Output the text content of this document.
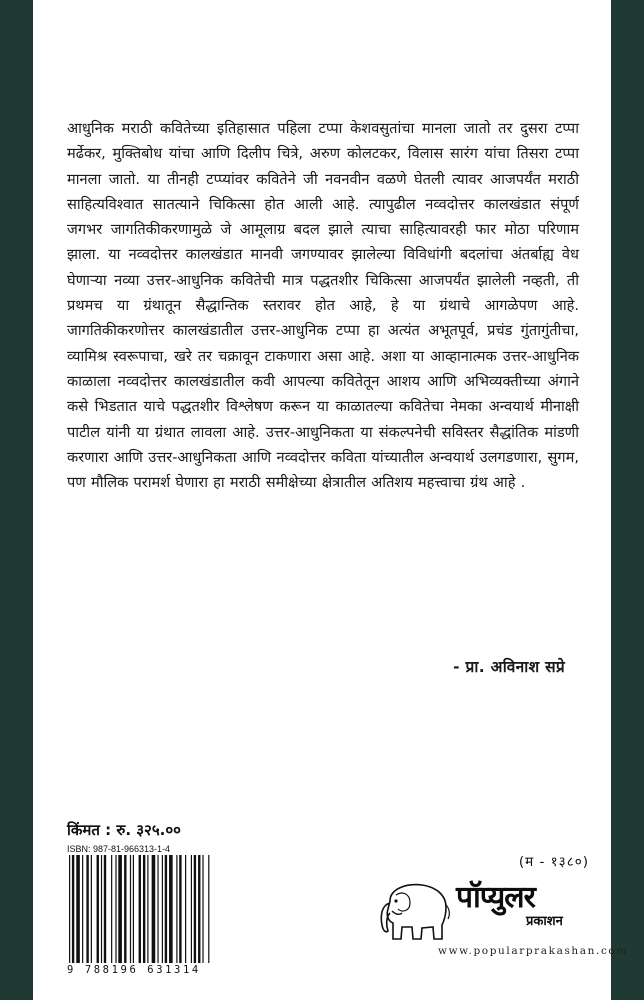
आधुनिक मराठी कवितेच्या इतिहासात पहिला टप्पा केशवसुतांचा मानला जातो तर दुसरा टप्पा मर्ढेकर, मुक्तिबोध यांचा आणि दिलीप चित्रे, अरुण कोलटकर, विलास सारंग यांचा तिसरा टप्पा मानला जातो. या तीनही टप्प्यांवर कवितेने जी नवनवीन वळणे घेतली त्यावर आजपर्यंत मराठी साहित्यविश्वात सातत्याने चिकित्सा होत आली आहे. त्यापुढील नव्वदोत्तर कालखंडात संपूर्ण जगभर जागतिकीकरणामुळे जे आमूलाग्र बदल झाले त्याचा साहित्यावरही फार मोठा परिणाम झाला. या नव्वदोत्तर कालखंडात मानवी जगण्यावर झालेल्या विविधांगी बदलांचा अंतर्बाह्य वेध घेणाऱ्या नव्या उत्तर-आधुनिक कवितेची मात्र पद्धतशीर चिकित्सा आजपर्यंत झालेली नव्हती, ती प्रथमच या ग्रंथातून सैद्धान्तिक स्तरावर होत आहे, हे या ग्रंथाचे आगळेपण आहे. जागतिकीकरणोत्तर कालखंडातील उत्तर-आधुनिक टप्पा हा अत्यंत अभूतपूर्व, प्रचंड गुंतागुंतीचा, व्यामिश्र स्वरूपाचा, खरे तर चक्रावून टाकणारा असा आहे. अशा या आव्हानात्मक उत्तर-आधुनिक काळाला नव्वदोत्तर कालखंडातील कवी आपल्या कवितेतून आशय आणि अभिव्यक्तीच्या अंगाने कसे भिडतात याचे पद्धतशीर विश्लेषण करून या काळातल्या कवितेचा नेमका अन्वयार्थ मीनाक्षी पाटील यांनी या ग्रंथात लावला आहे. उत्तर-आधुनिकता या संकल्पनेची सविस्तर सैद्धांतिक मांडणी करणारा आणि उत्तर-आधुनिकता आणि नव्वदोत्तर कविता यांच्यातील अन्वयार्थ उलगडणारा, सुगम, पण मौलिक परामर्श घेणारा हा मराठी समीक्षेच्या क्षेत्रातील अतिशय महत्त्वाचा ग्रंथ आहे .

- प्रा. अविनाश सप्रे
किंमत : रु. ३२५.००
ISBN: 987-81-966313-1-4
9 788196 631314
(म - १३८०)
पॉप्युलर
प्रकाशन
www.popularprakashan.com
